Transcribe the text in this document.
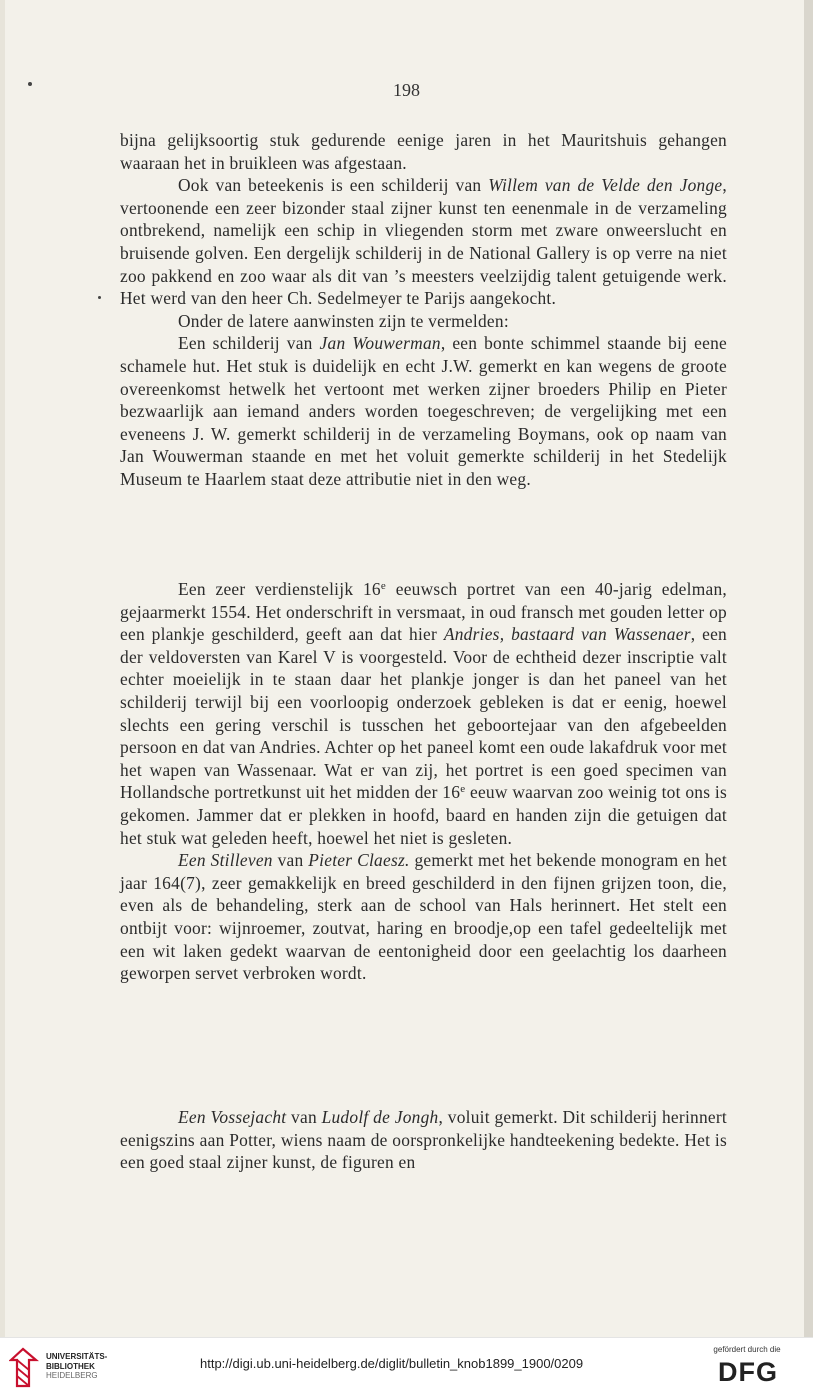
198

bijna gelijksoortig stuk gedurende eenige jaren in het Mauritshuis gehangen waaraan het in bruikleen was afgestaan.

Ook van beteekenis is een schilderij van Willem van de Velde den Jonge, vertoonende een zeer bizonder staal zijner kunst ten eenenmale in de verzameling ontbrekend, namelijk een schip in vliegenden storm met zware onweerslucht en bruisende golven. Een dergelijk schilderij in de National Gallery is op verre na niet zoo pakkend en zoo waar als dit van ’s meesters veelzijdig talent getuigende werk. Het werd van den heer Ch. Sedelmeyer te Parijs aangekocht.

Onder de latere aanwinsten zijn te vermelden:

Een schilderij van Jan Wouwerman, een bonte schimmel staande bij eene schamele hut. Het stuk is duidelijk en echt J.W. gemerkt en kan wegens de groote overeenkomst hetwelk het vertoont met werken zijner broeders Philip en Pieter bezwaarlijk aan iemand anders worden toegeschreven; de vergelijking met een eveneens J. W. gemerkt schilderij in de verzameling Boymans, ook op naam van Jan Wouwerman staande en met het voluit gemerkte schilderij in het Stedelijk Museum te Haarlem staat deze attributie niet in den weg.

Een zeer verdienstelijk 16e eeuwsch portret van een 40-jarig edelman, gejaarmerkt 1554. Het onderschrift in versmaat, in oud fransch met gouden letter op een plankje geschilderd, geeft aan dat hier Andries, bastaard van Wassenaer, een der veldoversten van Karel V is voorgesteld. Voor de echtheid dezer inscriptie valt echter moeielijk in te staan daar het plankje jonger is dan het paneel van het schilderij terwijl bij een voorloopig onderzoek gebleken is dat er eenig, hoewel slechts een gering verschil is tusschen het geboortejaar van den afgebeelden persoon en dat van Andries. Achter op het paneel komt een oude lakafdruk voor met het wapen van Wassenaar. Wat er van zij, het portret is een goed specimen van Hollandsche portretkunst uit het midden der 16e eeuw waarvan zoo weinig tot ons is gekomen. Jammer dat er plekken in hoofd, baard en handen zijn die getuigen dat het stuk wat geleden heeft, hoewel het niet is gesleten.

Een Stilleven van Pieter Claesz. gemerkt met het bekende monogram en het jaar 164(7), zeer gemakkelijk en breed geschilderd in den fijnen grijzen toon, die, even als de behandeling, sterk aan de school van Hals herinnert. Het stelt een ontbijt voor: wijnroemer, zoutvat, haring en broodje,op een tafel gedeeltelijk met een wit laken gedekt waarvan de eentonigheid door een geelachtig los daarheen geworpen servet verbroken wordt.

Een Vossejacht van Ludolf de Jongh, voluit gemerkt. Dit schilderij herinnert eenigszins aan Potter, wiens naam de oorspronkelijke handteekening bedekte. Het is een goed staal zijner kunst, de figuren en

UNIVERSITÄTS-
BIBLIOTHEK
HEIDELBERG
http://digi.ub.uni-heidelberg.de/diglit/bulletin_knob1899_1900/0209
gefördert durch die
DFG
